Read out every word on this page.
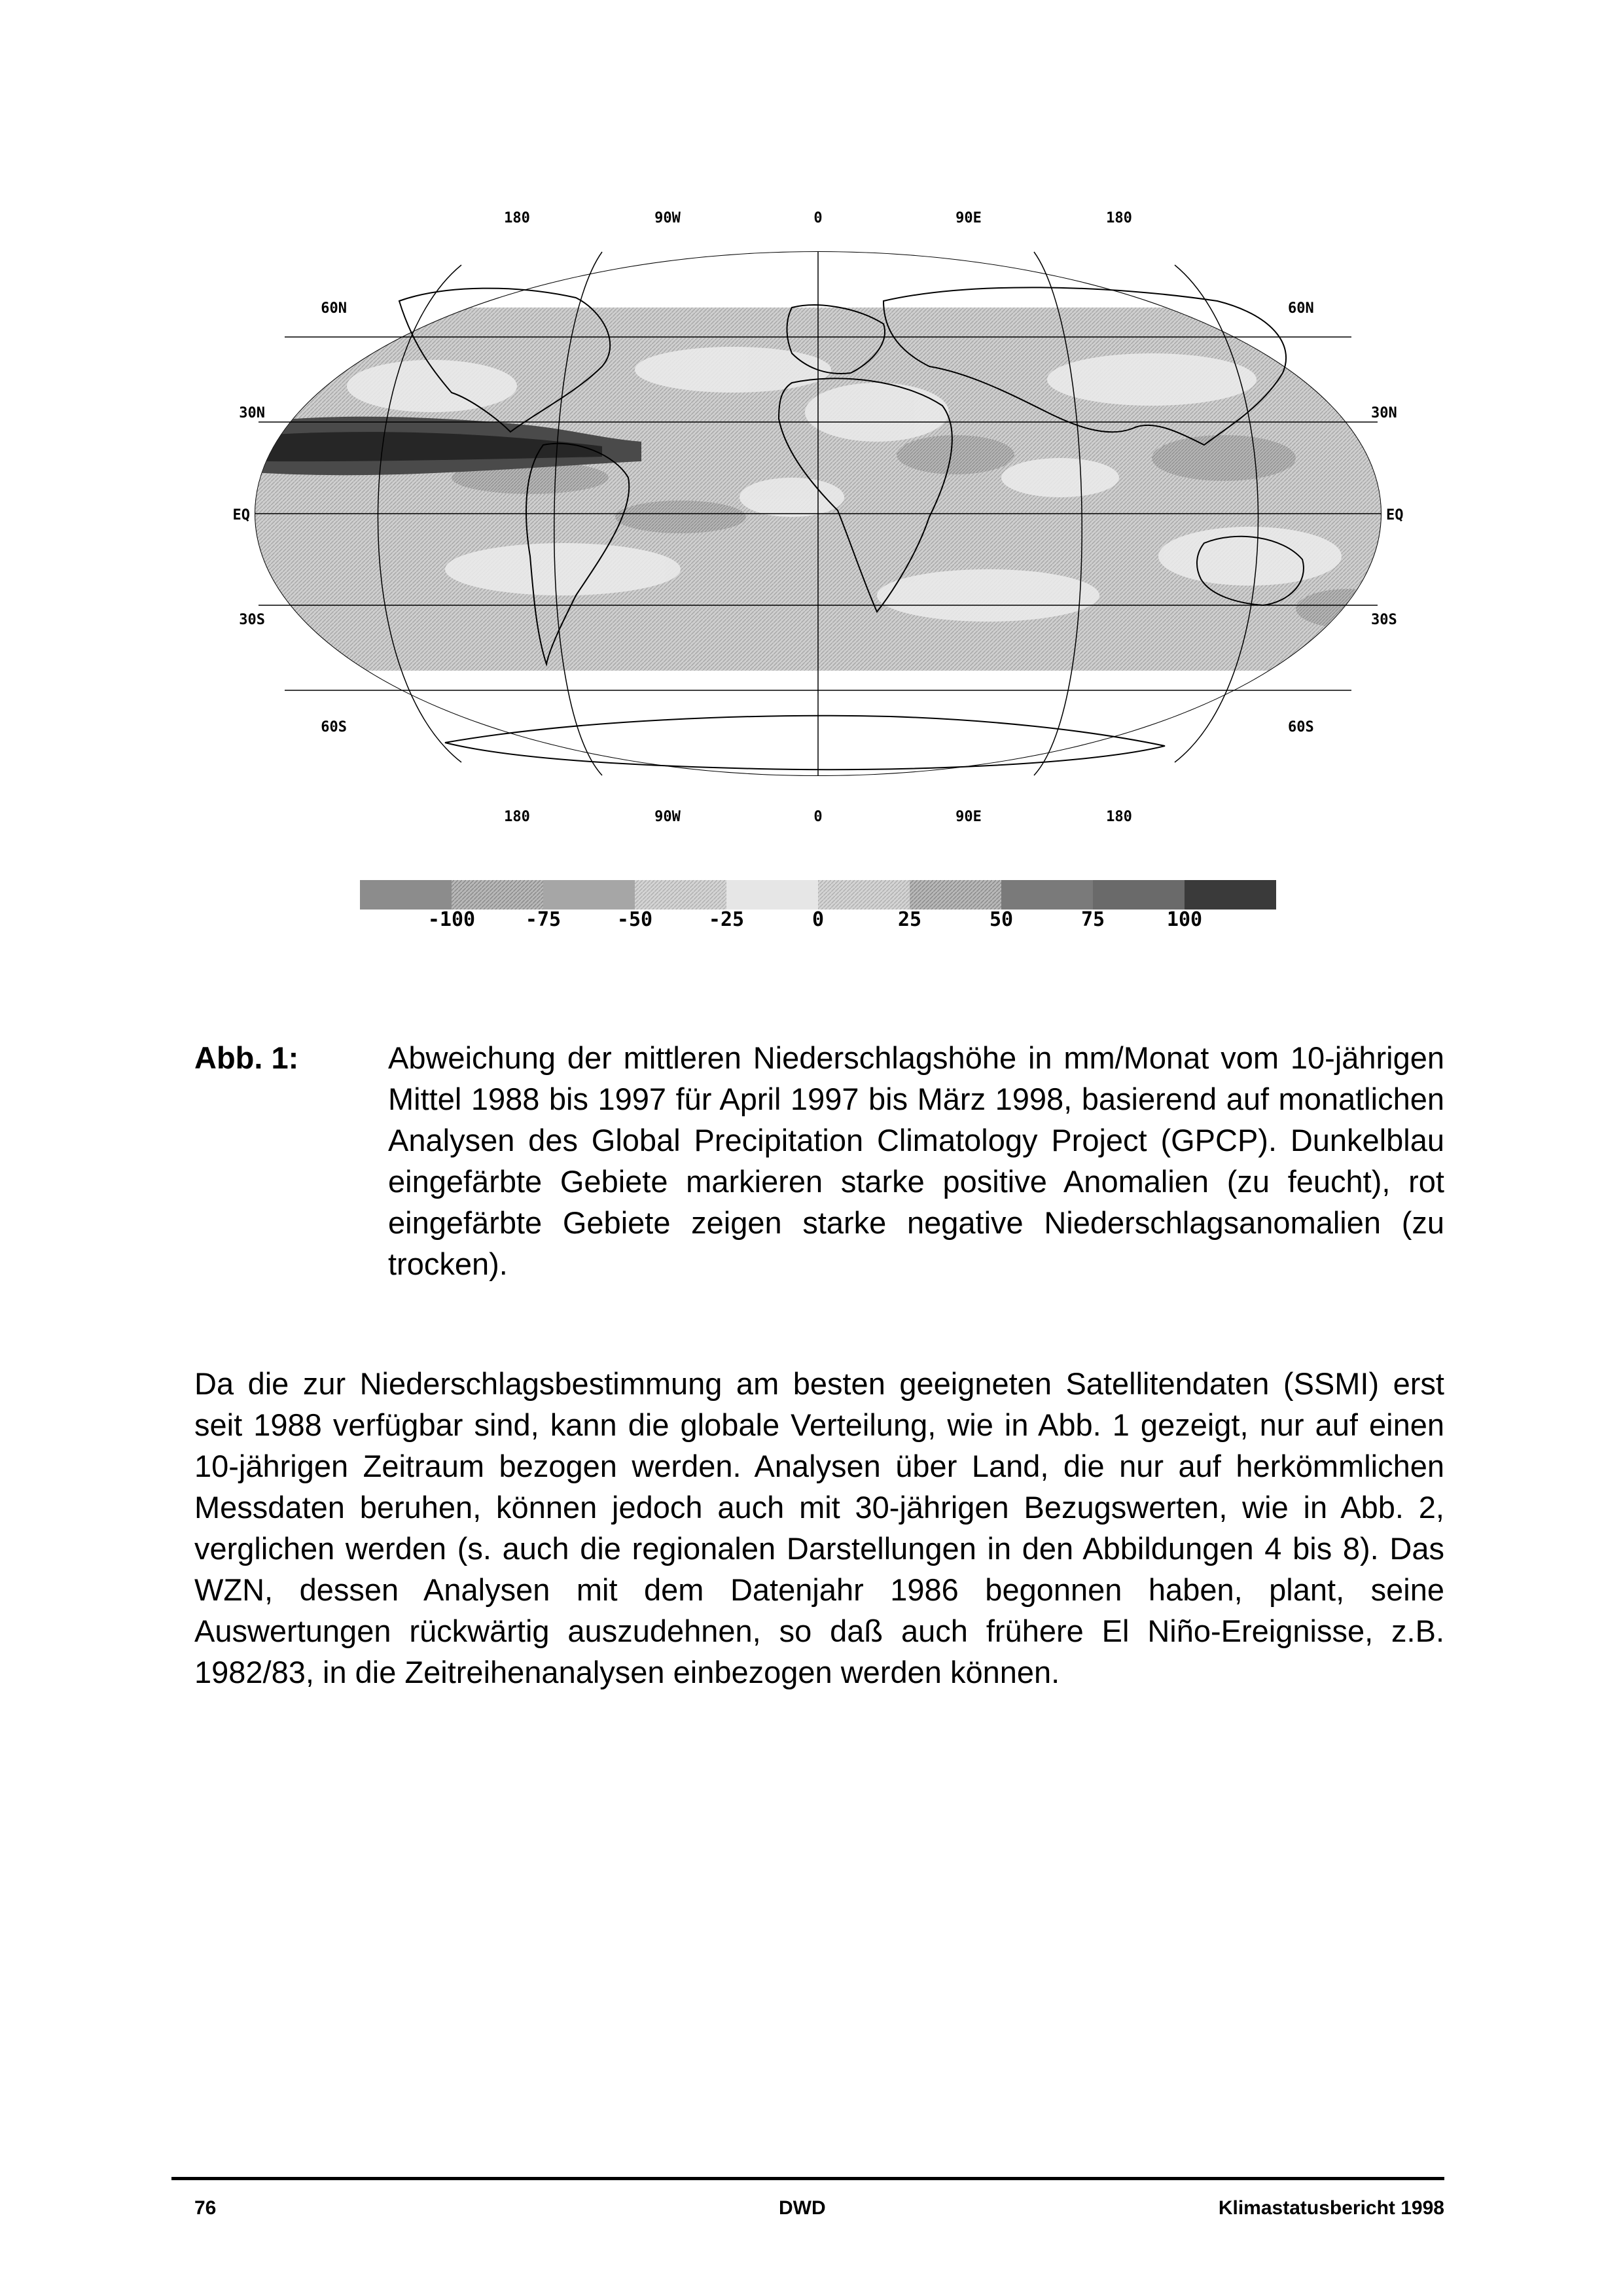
180	90W	0	90E	180
180	90W	0	90E	180
60N
30N
EQ
30S
60S
60N
30N
EQ
30S
60S
-100	-75	-50	-25	0	25	50	75	100
Abb. 1:	Abweichung der mittleren Niederschlagshöhe in mm/Monat vom 10-jährigen Mittel 1988 bis 1997 für April 1997 bis März 1998, basierend auf monatlichen Analysen des Global Precipitation Climatology Project (GPCP). Dunkelblau eingefärbte Gebiete markieren starke positive Anomalien (zu feucht), rot eingefärbte Gebiete zeigen starke negative Niederschlagsanomalien (zu trocken).
Da die zur Niederschlagsbestimmung am besten geeigneten Satellitendaten (SSMI) erst seit 1988 verfügbar sind, kann die globale Verteilung, wie in Abb. 1 gezeigt, nur auf einen 10-jährigen Zeitraum bezogen werden. Analysen über Land, die nur auf herkömmlichen Messdaten beruhen, können jedoch auch mit 30-jährigen Bezugswerten, wie in Abb. 2, verglichen werden (s. auch die regionalen Darstellungen in den Abbildungen 4 bis 8). Das WZN, dessen Analysen mit dem Datenjahr 1986 begonnen haben, plant, seine Auswertungen rückwärtig auszudehnen, so daß auch frühere El Niño-Ereignisse, z.B. 1982/83, in die Zeitreihenanalysen einbezogen werden können.
76	DWD	Klimastatusbericht 1998
